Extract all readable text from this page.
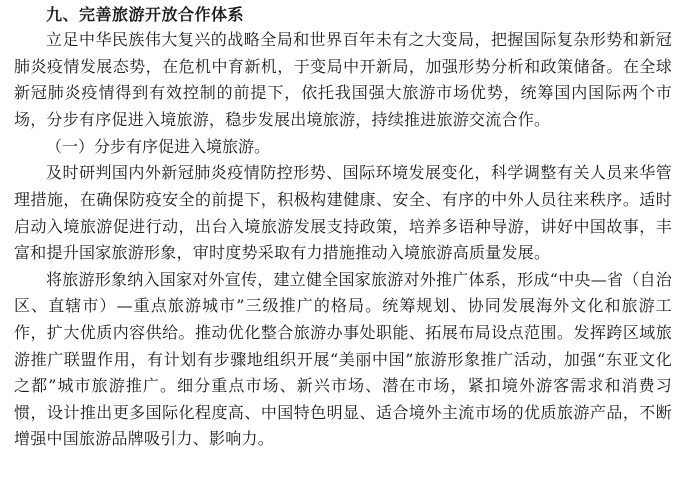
九、完善旅游开放合作体系

立足中华民族伟大复兴的战略全局和世界百年未有之大变局，把握国际复杂形势和新冠肺炎疫情发展态势，在危机中育新机，于变局中开新局，加强形势分析和政策储备。在全球新冠肺炎疫情得到有效控制的前提下，依托我国强大旅游市场优势，统筹国内国际两个市场，分步有序促进入境旅游，稳步发展出境旅游，持续推进旅游交流合作。

（一）分步有序促进入境旅游。

及时研判国内外新冠肺炎疫情防控形势、国际环境发展变化，科学调整有关人员来华管理措施，在确保防疫安全的前提下，积极构建健康、安全、有序的中外人员往来秩序。适时启动入境旅游促进行动，出台入境旅游发展支持政策，培养多语种导游，讲好中国故事，丰富和提升国家旅游形象，审时度势采取有力措施推动入境旅游高质量发展。

将旅游形象纳入国家对外宣传，建立健全国家旅游对外推广体系，形成“中央—省（自治区、直辖市）—重点旅游城市”三级推广的格局。统筹规划、协同发展海外文化和旅游工作，扩大优质内容供给。推动优化整合旅游办事处职能、拓展布局设点范围。发挥跨区域旅游推广联盟作用，有计划有步骤地组织开展“美丽中国”旅游形象推广活动，加强“东亚文化之都”城市旅游推广。细分重点市场、新兴市场、潜在市场，紧扣境外游客需求和消费习惯，设计推出更多国际化程度高、中国特色明显、适合境外主流市场的优质旅游产品，不断增强中国旅游品牌吸引力、影响力。
